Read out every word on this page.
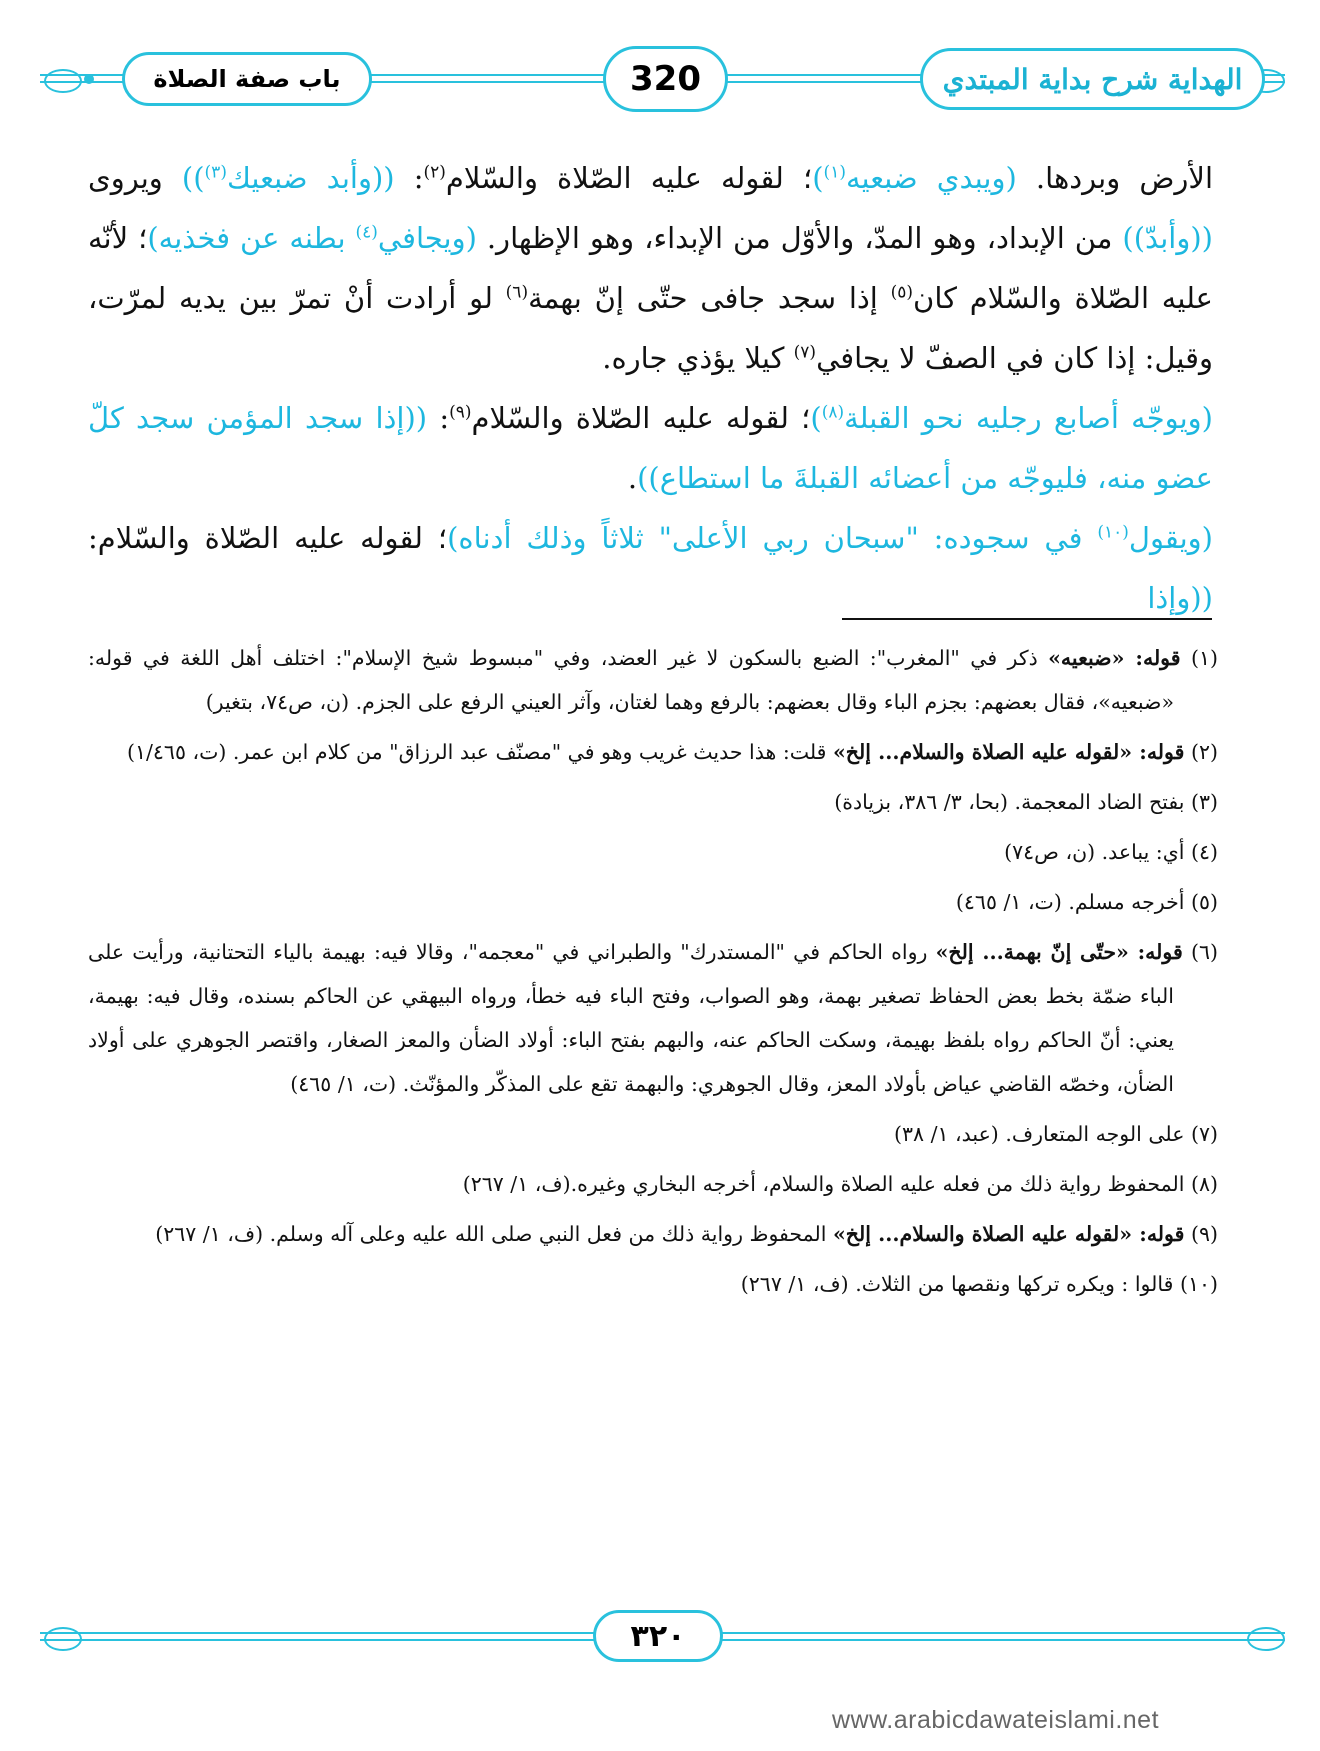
باب صفة الصلاة	320	الهداية شرح بداية المبتدي

الأرض وبردها. (ويبدي ضبعيه$^{(١)}$)؛ لقوله عليه الصّلاة والسّلام$^{(٢)}$: ((وأبد ضبعيك$^{(٣)}$)) ويروى ((وأبدّ)) من الإبداد، وهو المدّ، والأوّل من الإبداء، وهو الإظهار. (ويجافي$^{(٤)}$ بطنه عن فخذيه)؛ لأنّه عليه الصّلاة والسّلام كان$^{(٥)}$ إذا سجد جافى حتّى إنّ بهمة$^{(٦)}$ لو أرادت أنْ تمرّ بين يديه لمرّت، وقيل: إذا كان في الصفّ لا يجافي$^{(٧)}$ كيلا يؤذي جاره.

(ويوجّه أصابع رجليه نحو القبلة$^{(٨)}$)؛ لقوله عليه الصّلاة والسّلام$^{(٩)}$: ((إذا سجد المؤمن سجد كلّ عضو منه، فليوجّه من أعضائه القبلةَ ما استطاع)).

(ويقول$^{(١٠)}$ في سجوده: "سبحان ربي الأعلى" ثلاثاً وذلك أدناه)؛ لقوله عليه الصّلاة والسّلام: ((وإذا

(١) قوله: «ضبعيه» ذكر في "المغرب": الضبع بالسكون لا غير العضد، وفي "مبسوط شيخ الإسلام": اختلف أهل اللغة في قوله: «ضبعيه»، فقال بعضهم: بجزم الباء وقال بعضهم: بالرفع وهما لغتان، وآثر العيني الرفع على الجزم. (ن، ص٧٤، بتغير)

(٢) قوله: «لقوله عليه الصلاة والسلام... إلخ» قلت: هذا حديث غريب وهو في "مصنّف عبد الرزاق" من كلام ابن عمر. (ت، ١/٤٦٥)

(٣) بفتح الضاد المعجمة. (بحا، ٣/ ٣٨٦، بزيادة)

(٤) أي: يباعد. (ن، ص٧٤)

(٥) أخرجه مسلم. (ت، ١/ ٤٦٥)

(٦) قوله: «حتّى إنّ بهمة... إلخ» رواه الحاكم في "المستدرك" والطبراني في "معجمه"، وقالا فيه: بهيمة بالياء التحتانية، ورأيت على الباء ضمّة بخط بعض الحفاظ تصغير بهمة، وهو الصواب، وفتح الباء فيه خطأ، ورواه البيهقي عن الحاكم بسنده، وقال فيه: بهيمة، يعني: أنّ الحاكم رواه بلفظ بهيمة، وسكت الحاكم عنه، والبهم بفتح الباء: أولاد الضأن والمعز الصغار، واقتصر الجوهري على أولاد الضأن، وخصّه القاضي عياض بأولاد المعز، وقال الجوهري: والبهمة تقع على المذكّر والمؤنّث. (ت، ١/ ٤٦٥)

(٧) على الوجه المتعارف. (عبد، ١/ ٣٨)

(٨) المحفوظ رواية ذلك من فعله عليه الصلاة والسلام، أخرجه البخاري وغيره.(ف، ١/ ٢٦٧)

(٩) قوله: «لقوله عليه الصلاة والسلام... إلخ» المحفوظ رواية ذلك من فعل النبي صلى الله عليه وعلى آله وسلم. (ف، ١/ ٢٦٧)

(١٠) قالوا : ويكره تركها ونقصها من الثلاث. (ف، ١/ ٢٦٧)

٣٢٠
www.arabicdawateislami.net
